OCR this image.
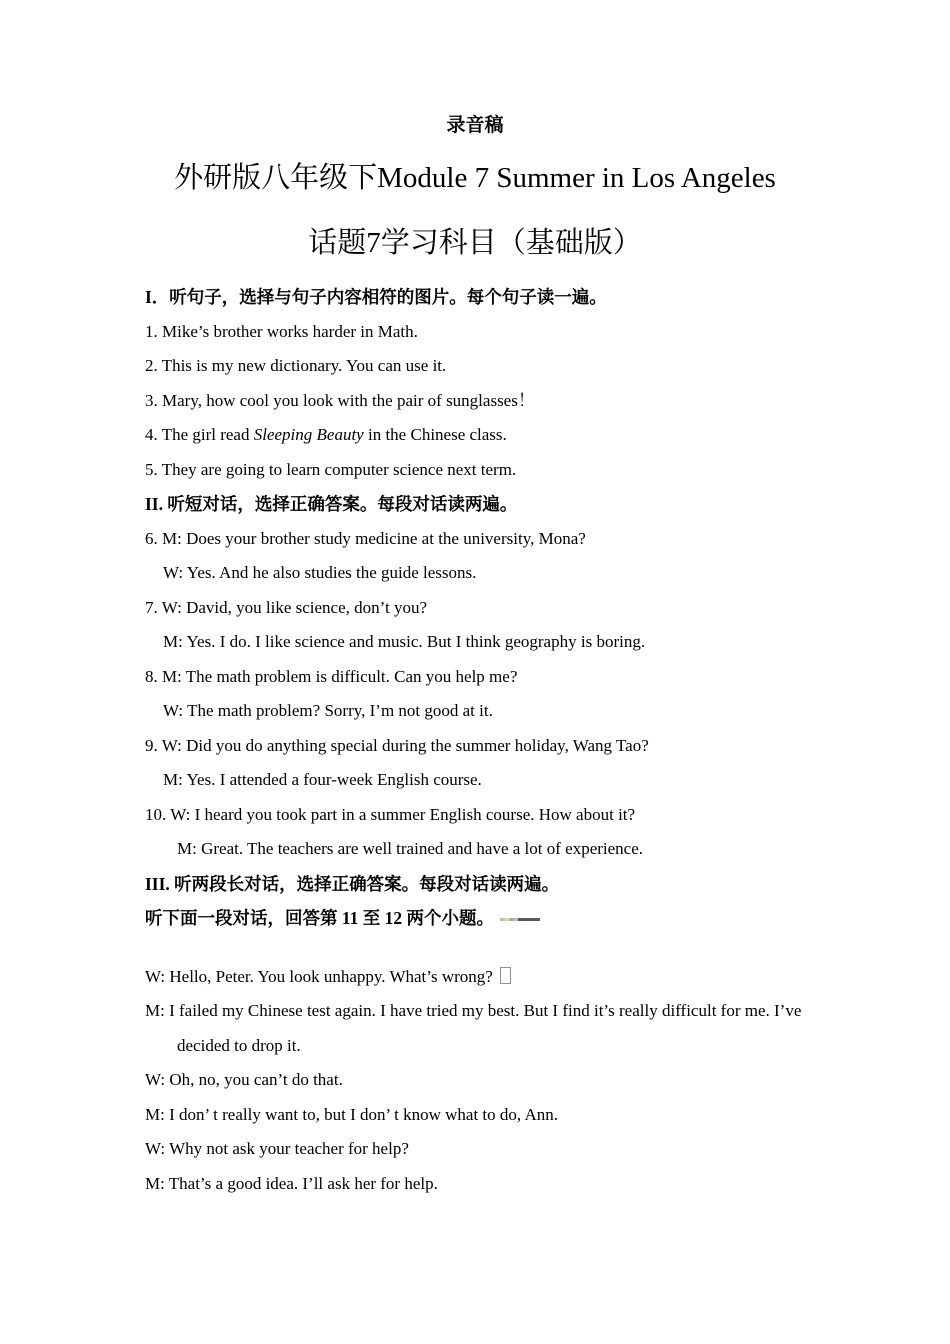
录音稿
外研版八年级下Module 7 Summer in Los Angeles
话题7学习科目（基础版）
I．听句子，选择与句子内容相符的图片。每个句子读一遍。
1. Mike’s brother works harder in Math.
2. This is my new dictionary. You can use it.
3. Mary, how cool you look with the pair of sunglasses！
4. The girl read Sleeping Beauty in the Chinese class.
5. They are going to learn computer science next term.
II. 听短对话，选择正确答案。每段对话读两遍。
6. M: Does your brother study medicine at the university, Mona?
W: Yes. And he also studies the guide lessons.
7. W: David, you like science, don’t you?
M: Yes. I do. I like science and music. But I think geography is boring.
8. M: The math problem is difficult. Can you help me?
W: The math problem? Sorry, I’m not good at it.
9. W: Did you do anything special during the summer holiday, Wang Tao?
M: Yes. I attended a four-week English course.
10. W: I heard you took part in a summer English course. How about it?
M: Great. The teachers are well trained and have a lot of experience.
III. 听两段长对话，选择正确答案。每段对话读两遍。
听下面一段对话，回答第 11 至 12 两个小题。
W: Hello, Peter. You look unhappy. What’s wrong?
M: I failed my Chinese test again. I have tried my best. But I find it’s really difficult for me. I’ve
decided to drop it.
W: Oh, no, you can’t do that.
M: I don’ t really want to, but I don’ t know what to do, Ann.
W: Why not ask your teacher for help?
M: That’s a good idea. I’ll ask her for help.
